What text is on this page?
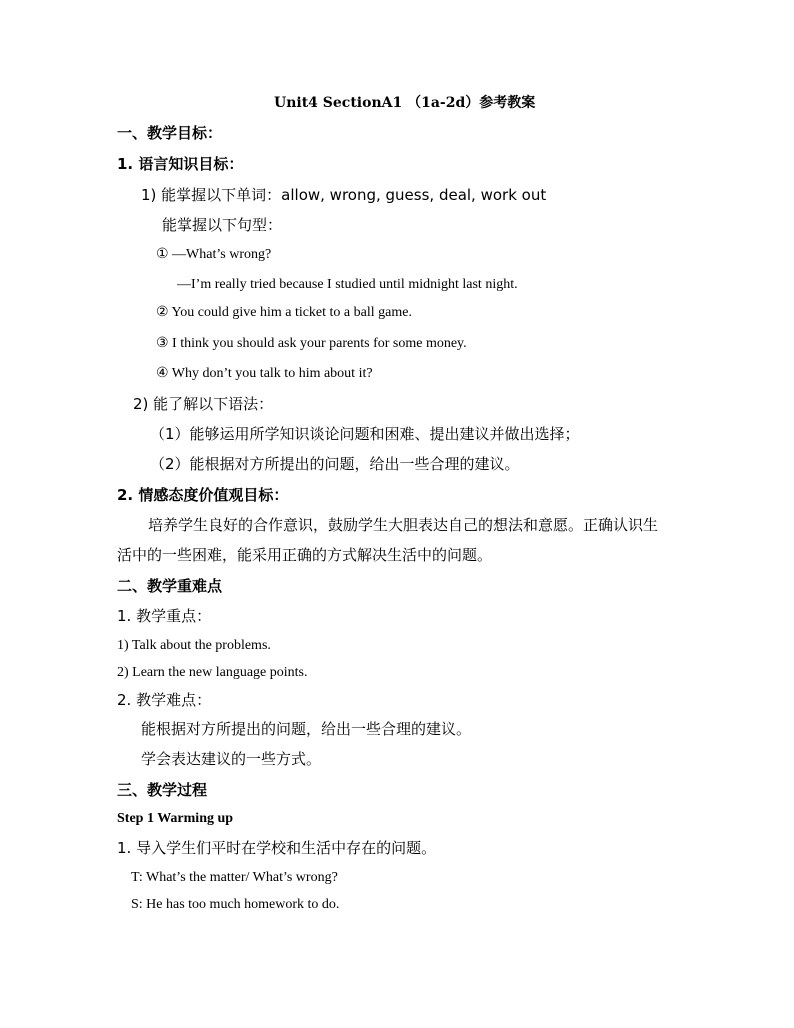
Unit4 SectionA1 （1a-2d）参考教案
一、教学目标：
1. 语言知识目标：
1) 能掌握以下单词：allow, wrong, guess, deal, work out
能掌握以下句型：
① —What’s wrong?
—I’m really tried because I studied until midnight last night.
② You could give him a ticket to a ball game.
③ I think you should ask your parents for some money.
④ Why don’t you talk to him about it?
2) 能了解以下语法：
（1）能够运用所学知识谈论问题和困难、提出建议并做出选择；
（2）能根据对方所提出的问题，给出一些合理的建议。
2. 情感态度价值观目标：
培养学生良好的合作意识，鼓励学生大胆表达自己的想法和意愿。正确认识生
活中的一些困难，能采用正确的方式解决生活中的问题。
二、教学重难点
1. 教学重点：
1) Talk about the problems.
2) Learn the new language points.
2. 教学难点：
能根据对方所提出的问题，给出一些合理的建议。
学会表达建议的一些方式。
三、教学过程
Step 1 Warming up
1. 导入学生们平时在学校和生活中存在的问题。
T: What’s the matter/ What’s wrong?
S: He has too much homework to do.
